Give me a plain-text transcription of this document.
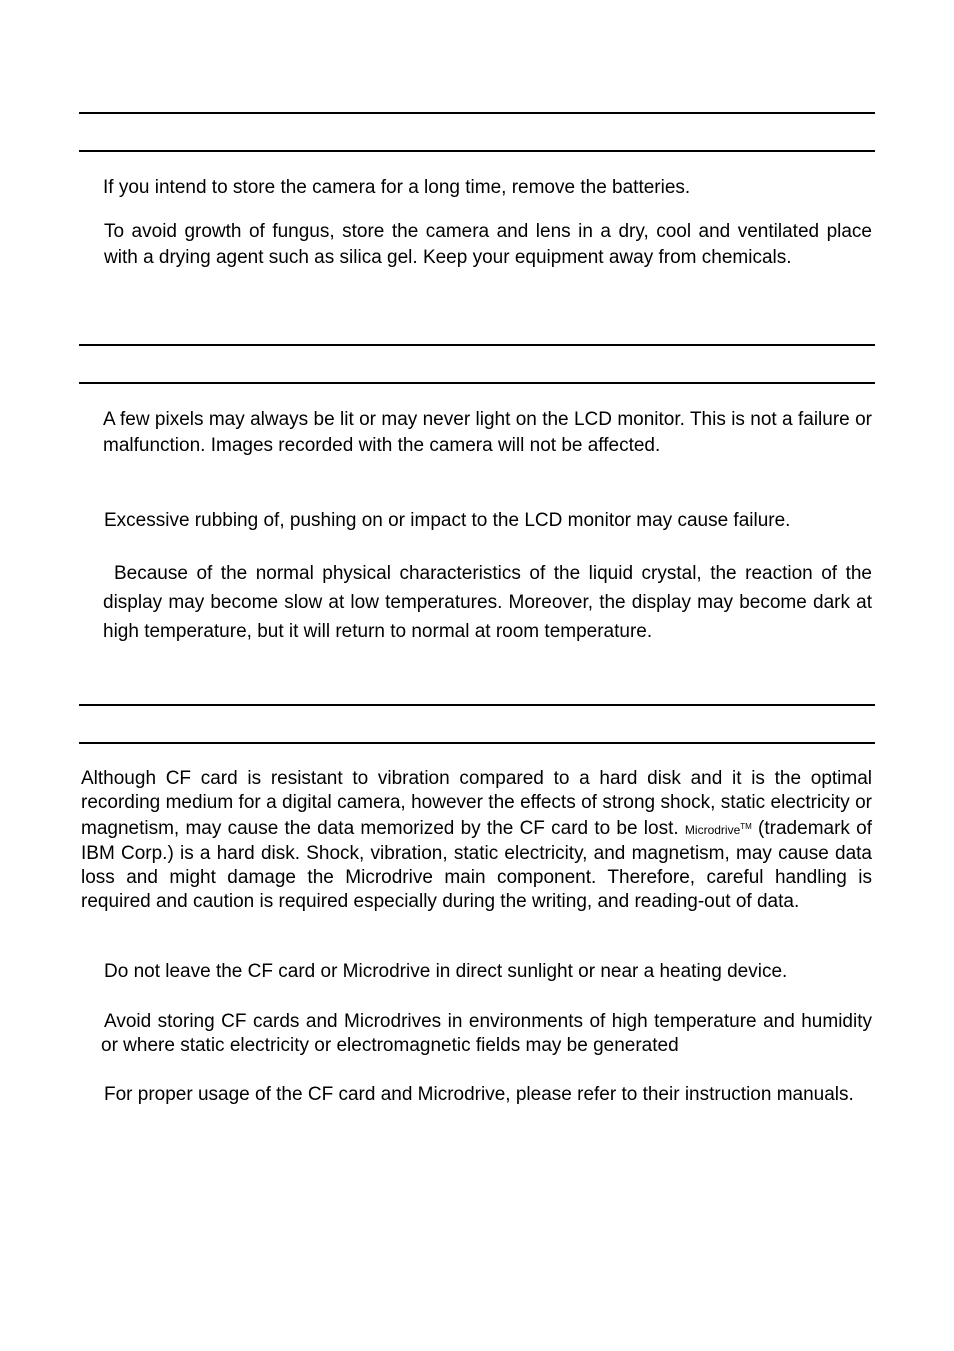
If you intend to store the camera for a long time, remove the batteries.

To avoid growth of fungus, store the camera and lens in a dry, cool and ventilated place with a drying agent such as silica gel. Keep your equipment away from chemicals.

A few pixels may always be lit or may never light on the LCD monitor. This is not a failure or malfunction. Images recorded with the camera will not be affected.

Excessive rubbing of, pushing on or impact to the LCD monitor may cause failure.

Because of the normal physical characteristics of the liquid crystal, the reaction of the display may become slow at low temperatures. Moreover, the display may become dark at high temperature, but it will return to normal at room temperature.

Although CF card is resistant to vibration compared to a hard disk and it is the optimal recording medium for a digital camera, however the effects of strong shock, static electricity or magnetism, may cause the data memorized by the CF card to be lost. Microdrive™ (trademark of IBM Corp.) is a hard disk. Shock, vibration, static electricity, and magnetism, may cause data loss and might damage the Microdrive main component. Therefore, careful handling is required and caution is required especially during the writing, and reading-out of data.

Do not leave the CF card or Microdrive in direct sunlight or near a heating device.

Avoid storing CF cards and Microdrives in environments of high temperature and humidity or where static electricity or electromagnetic fields may be generated

For proper usage of the CF card and Microdrive, please refer to their instruction manuals.
